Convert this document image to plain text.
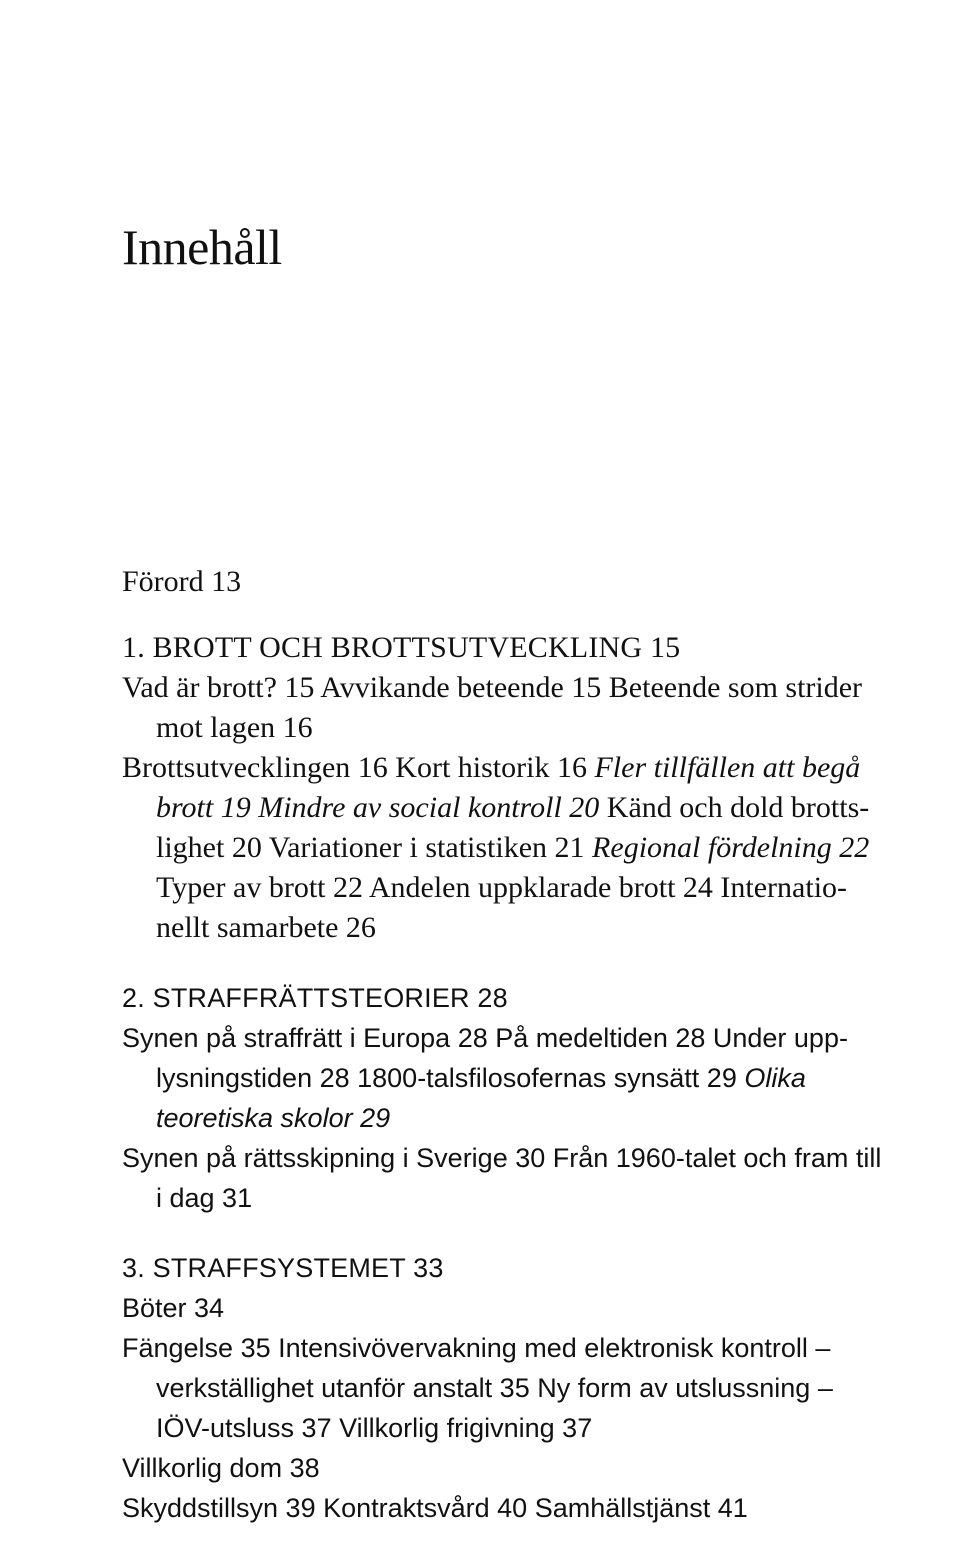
Innehåll
Förord 13
1. BROTT OCH BROTTSUTVECKLING 15
Vad är brott? 15 Avvikande beteende 15 Beteende som strider
mot lagen 16
Brottsutvecklingen 16 Kort historik 16 Fler tillfällen att begå
brott 19 Mindre av social kontroll 20 Känd och dold brotts-
lighet 20 Variationer i statistiken 21 Regional fördelning 22
Typer av brott 22 Andelen uppklarade brott 24 Internatio-
nellt samarbete 26
2. STRAFFRÄTTSTEORIER 28
Synen på straffrätt i Europa 28 På medeltiden 28 Under upp-
lysningstiden 28 1800-talsfilosofernas synsätt 29 Olika
teoretiska skolor 29
Synen på rättsskipning i Sverige 30 Från 1960-talet och fram till
i dag 31
3. STRAFFSYSTEMET 33
Böter 34
Fängelse 35 Intensivövervakning med elektronisk kontroll –
verkställighet utanför anstalt 35 Ny form av utslussning –
IÖV-utsluss 37 Villkorlig frigivning 37
Villkorlig dom 38
Skyddstillsyn 39 Kontraktsvård 40 Samhällstjänst 41
